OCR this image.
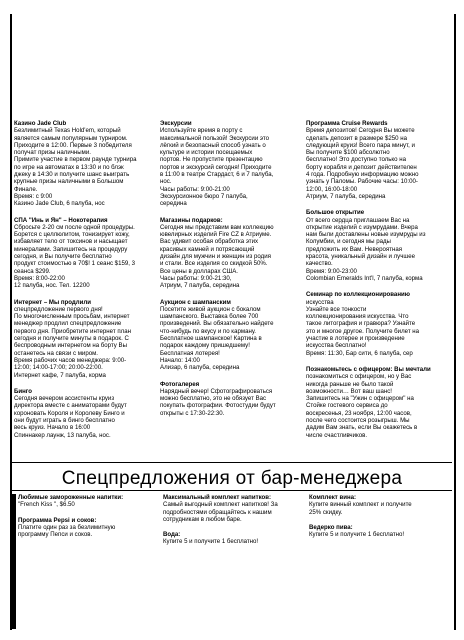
Казино Jade Club
Безлимитный Texas Hold'em, который
является самым популярным турниром.
Приходите в 12:00. Первые 3 победителя
получат призы наличными.
Примите участие в первом раунде турнира
по игре на автоматах в 13:30 и по блэк
джеку в 14:30 и получите шанс выиграть
крупные призы наличными в Большом
Финале.
Время: с 9:00
Казино Jade Club, 6 палуба, нос
СПА "Инь и Ян" – Нокотерапия
Сбросьте 2-20 см после одной процедуры.
Борется с целлюлитом, тонизирует кожу,
избавляет тело от токсинов и насыщает
минералами. Запишитесь на процедуру
сегодня, и Вы получите бесплатно
продукт стоимостью в 70$! 1 сеанс $159, 3
сеанса $299.
Время: 8:00-22:00
12 палуба, нос. Тел. 12200
Интернет – Мы продлили
спецпредложение первого дня!
По многочисленным просьбам, интернет
менеджер продлил спецпредложение
первого дня. Приобретите интернет план
сегодня и получите минуты в подарок. С
беспроводным интернетом на борту Вы
останетесь на связи с миром.
Время рабочих часов менеджера: 9:00-
12:00; 14:00-17:00; 20:00-22:00.
Интернет кафе, 7 палуба, корма
Бинго
Сегодня вечером ассистенты круиз
директора вместе с аниматорами будут
короновать Короля и Королеву Бинго и
они будут играть в бинго бесплатно
весь круиз. Начало в 16:00
Спиннакер лаунж, 13 палуба, нос.
Экскурсии
Используйте время в порту с
максимальной пользой! Экскурсии это
лёгкий и безопасный способ узнать о
культуре и истории посещаемых
портов. Не пропустите презентацию
портов и экскурсий сегодня! Приходите
в 11:00 в театре Стардаст, 6 и 7 палуба,
нос.
Часы работы: 9:00-21:00
Экскурсионное бюро 7 палуба,
середина
Магазины подарков:
Сегодня мы представим вам коллекцию
ювелирных изделий Fire CZ в Атриуме.
Вас удивит особая обработка этих
красивых камней и потрясающий
дизайн для мужчин и женщин из родия
и стали. Все изделия со скидкой 50%.
Все цены в долларах США.
Часы работы: 9:00-21:30,
Атриум, 7 палуба, середина
Аукцион с шампанским
Посетите живой аукцион с бокалом
шампанского. Выставка более 700
произведений. Вы обязательно найдете
что-нибудь по вкусу и по карману.
Бесплатное шампанское! Картина в
подарок каждому пришедшему!
Бесплатная лотерея!
Начало: 14:00
Ализар, 6 палуба, середина
Фотогалерея
Нарядный вечер! Сфотографироваться
можно бесплатно, это не обязует Вас
покупать фотографии. Фотостудии будут
открыты с 17:30-22:30.
Программа Cruise Rewards
Время депозитов! Сегодня Вы можете
сделать депозит в размере $250 на
следующий круиз! Всего пара минут, и
Вы получите $100 абсолютно
бесплатно! Это доступно только на
борту корабля и депозит действителен
4 года. Подробную информацию можно
узнать у Паломы. Рабочие часы: 10:00-
12:00, 16:00-18:00
Атриум, 7 палуба, середина
Большое открытие
От всего сердца приглашаем Вас на
открытие изделий с изумрудами. Вчера
нам были доставлены новые изумруды из
Колумбии, и сегодня мы рады
предложить их Вам. Невероятная
красота, уникальный дизайн и лучшее
качество.
Время: 9:00-23:00
Colombian Emeralds Int'l, 7 палуба, корма
Семинар по коллекционированию
искусства
Узнайте все тонкости
коллекционирования искусства. Что
такое литография и гравюра? Узнайте
это и многое другое. Получите билет на
участие в лотерее и произведение
искусства бесплатно!
Время: 11:30, Бар сити, 6 палуба, сер
Познакомьтесь с офицером: Вы мечтали
познакомиться с офицером, но у Вас
никогда раньше не было такой
возможности… Вот ваш шанс!
Запишитесь на "Ужин с офицером" на
Стойке гостевого сервиса до
воскресенья, 23 ноября, 12:00 часов,
после чего состоится розыгрыш. Мы
дадим Вам знать, если Вы окажетесь в
числе счастливчиков.
Спецпредложения от бар-менеджера
Любимые замороженные напитки:
"French Kiss ", $6.50
Программа Pepsi и соков:
Платите один раз за безлимитную
программу Пепси и соков.
Максимальный комплект напитков:
Самый выгодный комплект напитков! За
подробностями обращайтесь к нашим
сотрудникам в любом баре.
Вода:
Купите 5 и получите 1 бесплатно!
Комплект вина:
Купите винный комплект и получите
25% скидку.
Ведерко пива:
Купите 5 и получите 1 бесплатно!
